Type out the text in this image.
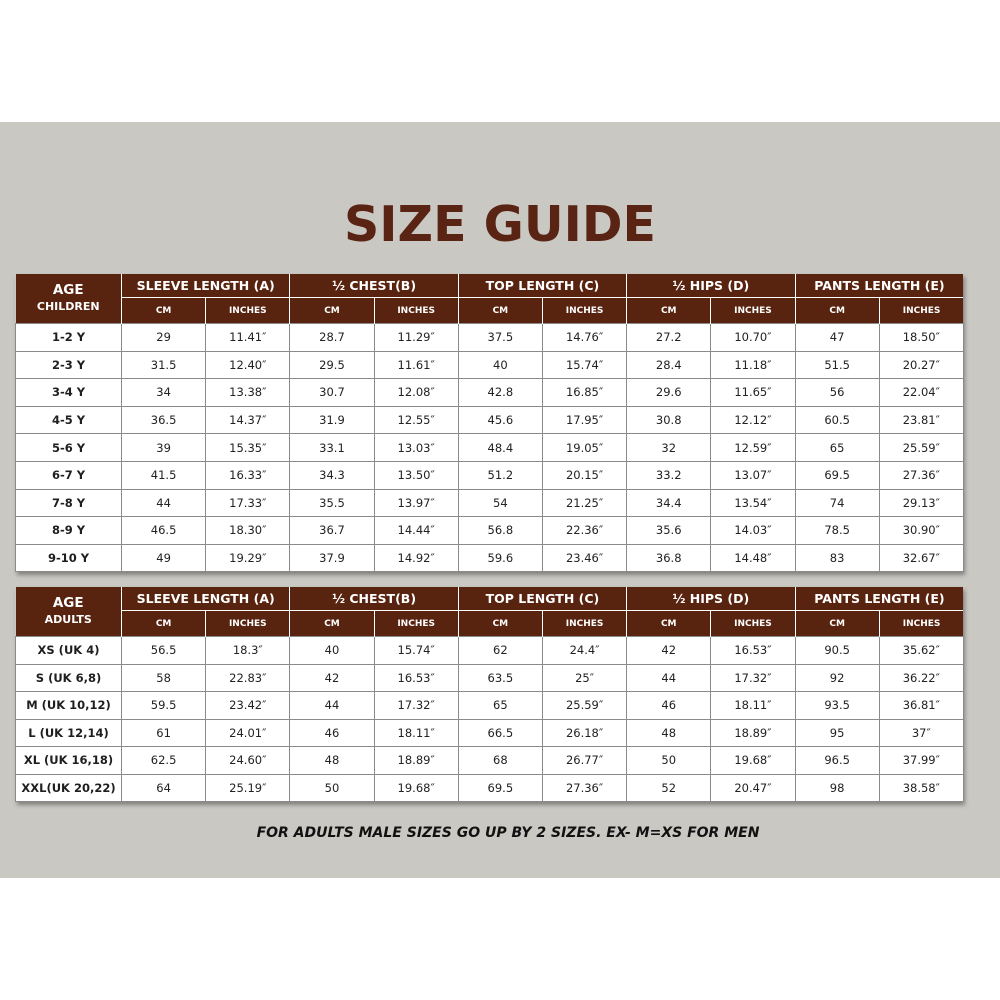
SIZE GUIDE
AGE
CHILDREN	SLEEVE LENGTH (A)		½ CHEST(B)		TOP LENGTH (C)		½ HIPS (D)		PANTS LENGTH (E)	
	CM	INCHES	CM	INCHES	CM	INCHES	CM	INCHES	CM	INCHES
1-2 Y	29	11.41″	28.7	11.29″	37.5	14.76″	27.2	10.70″	47	18.50″
2-3 Y	31.5	12.40″	29.5	11.61″	40	15.74″	28.4	11.18″	51.5	20.27″
3-4 Y	34	13.38″	30.7	12.08″	42.8	16.85″	29.6	11.65″	56	22.04″
4-5 Y	36.5	14.37″	31.9	12.55″	45.6	17.95″	30.8	12.12″	60.5	23.81″
5-6 Y	39	15.35″	33.1	13.03″	48.4	19.05″	32	12.59″	65	25.59″
6-7 Y	41.5	16.33″	34.3	13.50″	51.2	20.15″	33.2	13.07″	69.5	27.36″
7-8 Y	44	17.33″	35.5	13.97″	54	21.25″	34.4	13.54″	74	29.13″
8-9 Y	46.5	18.30″	36.7	14.44″	56.8	22.36″	35.6	14.03″	78.5	30.90″
9-10 Y	49	19.29″	37.9	14.92″	59.6	23.46″	36.8	14.48″	83	32.67″
AGE
ADULTS	SLEEVE LENGTH (A)		½ CHEST(B)		TOP LENGTH (C)		½ HIPS (D)		PANTS LENGTH (E)	
	CM	INCHES	CM	INCHES	CM	INCHES	CM	INCHES	CM	INCHES
XS (UK 4)	56.5	18.3″	40	15.74″	62	24.4″	42	16.53″	90.5	35.62″
S (UK 6,8)	58	22.83″	42	16.53″	63.5	25″	44	17.32″	92	36.22″
M (UK 10,12)	59.5	23.42″	44	17.32″	65	25.59″	46	18.11″	93.5	36.81″
L (UK 12,14)	61	24.01″	46	18.11″	66.5	26.18″	48	18.89″	95	37″
XL (UK 16,18)	62.5	24.60″	48	18.89″	68	26.77″	50	19.68″	96.5	37.99″
XXL(UK 20,22)	64	25.19″	50	19.68″	69.5	27.36″	52	20.47″	98	38.58″
FOR ADULTS MALE SIZES GO UP BY 2 SIZES. EX- M=XS FOR MEN
